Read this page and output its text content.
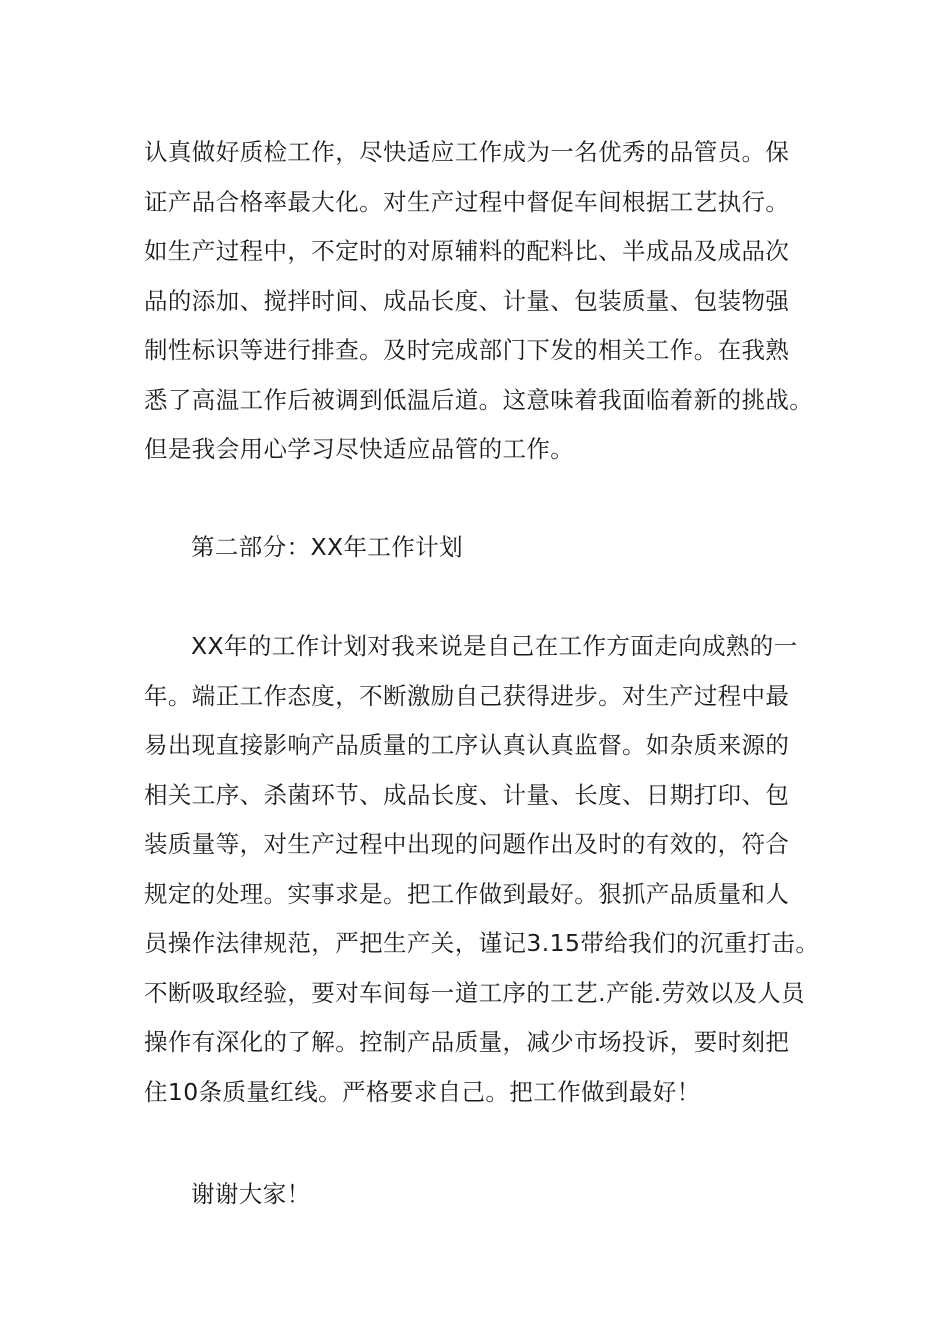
认真做好质检工作，尽快适应工作成为一名优秀的品管员。保
证产品合格率最大化。对生产过程中督促车间根据工艺执行。
如生产过程中，不定时的对原辅料的配料比、半成品及成品次
品的添加、搅拌时间、成品长度、计量、包装质量、包装物强
制性标识等进行排查。及时完成部门下发的相关工作。在我熟
悉了高温工作后被调到低温后道。这意味着我面临着新的挑战。
但是我会用心学习尽快适应品管的工作。
第二部分：XX年工作计划
XX年的工作计划对我来说是自己在工作方面走向成熟的一
年。端正工作态度，不断激励自己获得进步。对生产过程中最
易出现直接影响产品质量的工序认真认真监督。如杂质来源的
相关工序、杀菌环节、成品长度、计量、长度、日期打印、包
装质量等，对生产过程中出现的问题作出及时的有效的，符合
规定的处理。实事求是。把工作做到最好。狠抓产品质量和人
员操作法律规范，严把生产关，谨记3.15带给我们的沉重打击。
不断吸取经验，要对车间每一道工序的工艺.产能.劳效以及人员
操作有深化的了解。控制产品质量，减少市场投诉，要时刻把
住10条质量红线。严格要求自己。把工作做到最好！
谢谢大家！
